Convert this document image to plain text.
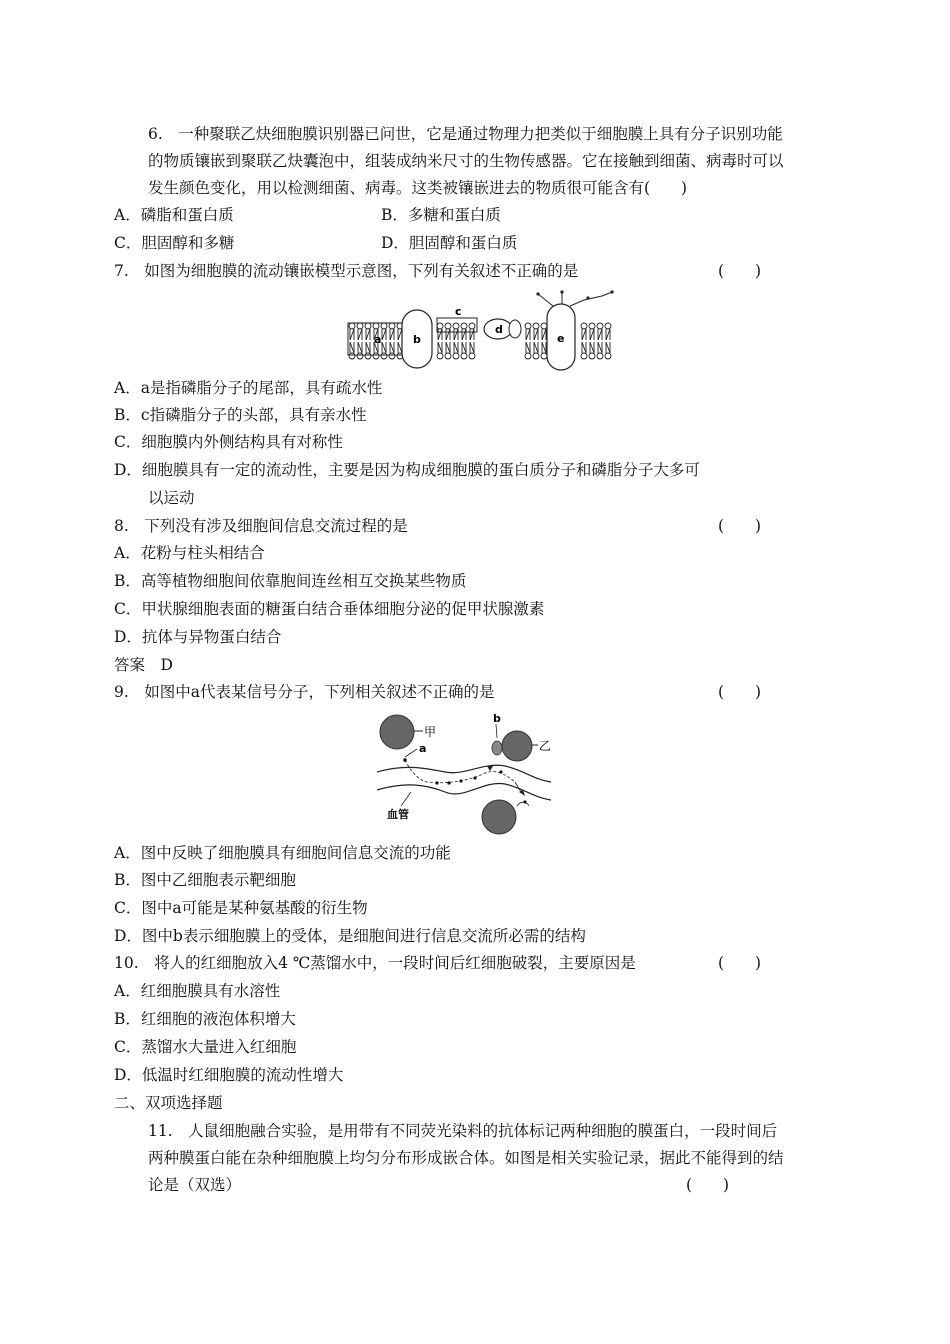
6.　一种聚联乙炔细胞膜识别器已问世，它是通过物理力把类似于细胞膜上具有分子识别功能
的物质镶嵌到聚联乙炔囊泡中，组装成纳米尺寸的生物传感器。它在接触到细菌、病毒时可以
发生颜色变化，用以检测细菌、病毒。这类被镶嵌进去的物质很可能含有(　　)
A．磷脂和蛋白质	B．多糖和蛋白质
C．胆固醇和多糖	D．胆固醇和蛋白质
7.　如图为细胞膜的流动镶嵌模型示意图，下列有关叙述不正确的是	(　　)
a	b
c
d
e
A．a是指磷脂分子的尾部，具有疏水性
B．c指磷脂分子的头部，具有亲水性
C．细胞膜内外侧结构具有对称性
D．细胞膜具有一定的流动性，主要是因为构成细胞膜的蛋白质分子和磷脂分子大多可
以运动
8.　下列没有涉及细胞间信息交流过程的是	(　　)
A．花粉与柱头相结合
B．高等植物细胞间依靠胞间连丝相互交换某些物质
C．甲状腺细胞表面的糖蛋白结合垂体细胞分泌的促甲状腺激素
D．抗体与异物蛋白结合
答案　D
9.　如图中a代表某信号分子，下列相关叙述不正确的是	(　　)
甲
a
b
乙
血管
A．图中反映了细胞膜具有细胞间信息交流的功能
B．图中乙细胞表示靶细胞
C．图中a可能是某种氨基酸的衍生物
D．图中b表示细胞膜上的受体，是细胞间进行信息交流所必需的结构
10.　将人的红细胞放入4 ℃蒸馏水中，一段时间后红细胞破裂，主要原因是	(　　)
A．红细胞膜具有水溶性
B．红细胞的液泡体积增大
C．蒸馏水大量进入红细胞
D．低温时红细胞膜的流动性增大
二、双项选择题
11.　人鼠细胞融合实验，是用带有不同荧光染料的抗体标记两种细胞的膜蛋白，一段时间后
两种膜蛋白能在杂种细胞膜上均匀分布形成嵌合体。如图是相关实验记录，据此不能得到的结
论是（双选）	(　　)
